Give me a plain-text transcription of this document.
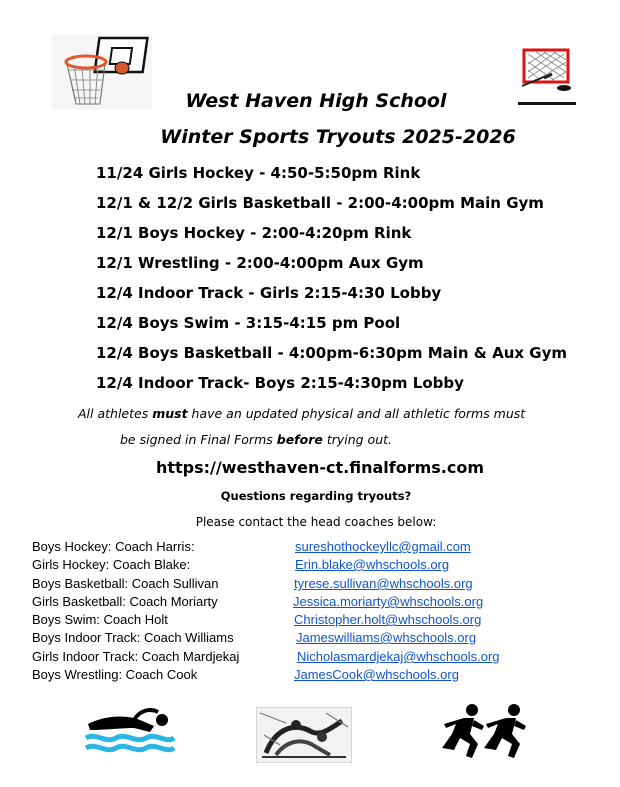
West Haven High School
Winter Sports Tryouts 2025-2026
11/24 Girls Hockey - 4:50-5:50pm Rink
12/1 & 12/2 Girls Basketball - 2:00-4:00pm Main Gym
12/1 Boys Hockey - 2:00-4:20pm Rink
12/1 Wrestling - 2:00-4:00pm Aux Gym
12/4 Indoor Track - Girls 2:15-4:30 Lobby
12/4 Boys Swim - 3:15-4:15 pm Pool
12/4 Boys Basketball - 4:00pm-6:30pm Main & Aux Gym
12/4 Indoor Track- Boys 2:15-4:30pm Lobby
All athletes must have an updated physical and all athletic forms must
be signed in Final Forms before trying out.
https://westhaven-ct.finalforms.com
Questions regarding tryouts?
Please contact the head coaches below:
Boys Hockey: Coach Harris:	sureshothockeyllc@gmail.com
Girls Hockey: Coach Blake:	Erin.blake@whschools.org
Boys Basketball: Coach Sullivan	tyrese.sullivan@whschools.org
Girls Basketball: Coach Moriarty	Jessica.moriarty@whschools.org
Boys Swim: Coach Holt	Christopher.holt@whschools.org
Boys Indoor Track: Coach Williams	Jameswilliams@whschools.org
Girls Indoor Track: Coach Mardjekaj	Nicholasmardjekaj@whschools.org
Boys Wrestling: Coach Cook	JamesCook@whschools.org
